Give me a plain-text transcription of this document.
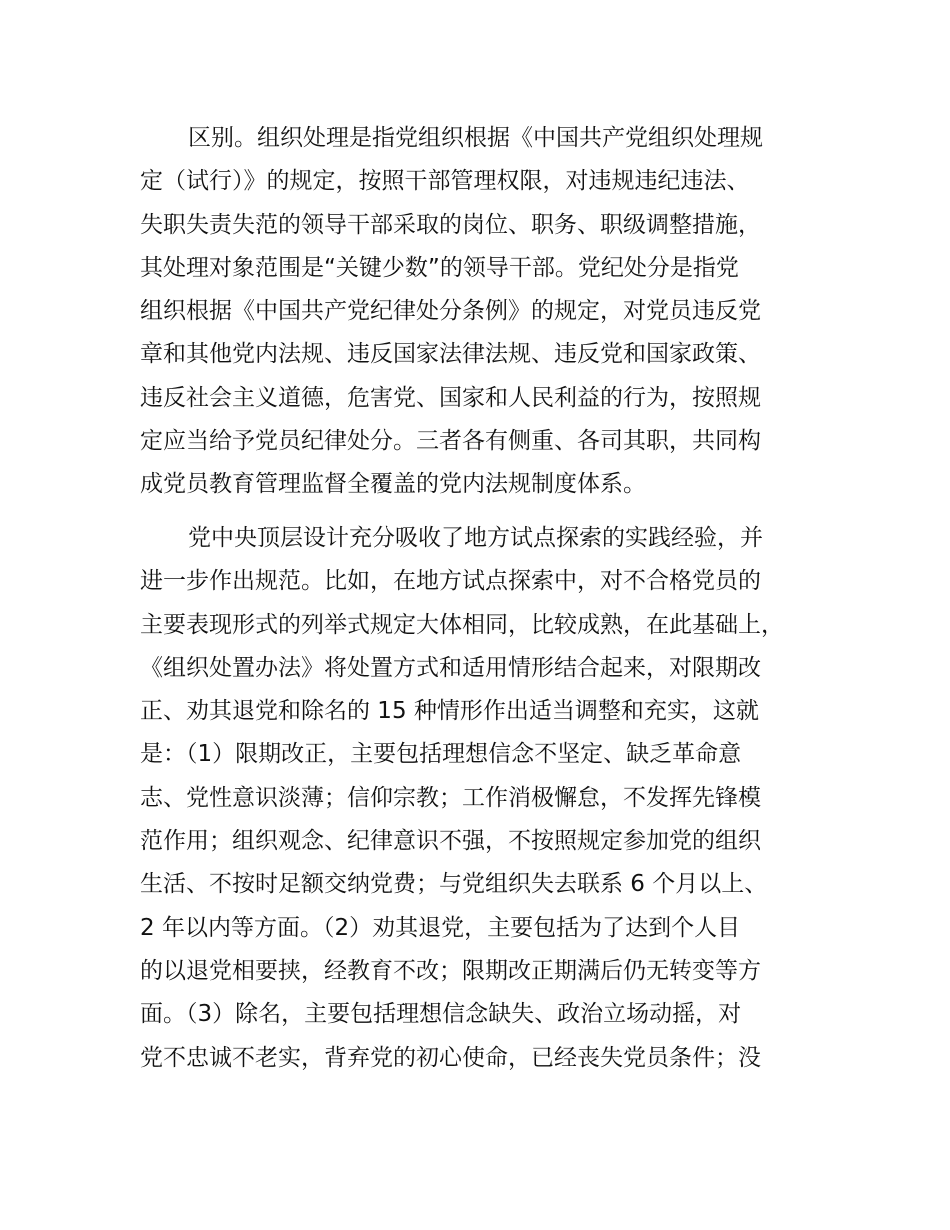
区别。组织处理是指党组织根据《中国共产党组织处理规
定（试行）》的规定，按照干部管理权限，对违规违纪违法、
失职失责失范的领导干部采取的岗位、职务、职级调整措施，
其处理对象范围是“关键少数”的领导干部。党纪处分是指党
组织根据《中国共产党纪律处分条例》的规定，对党员违反党
章和其他党内法规、违反国家法律法规、违反党和国家政策、
违反社会主义道德，危害党、国家和人民利益的行为，按照规
定应当给予党员纪律处分。三者各有侧重、各司其职，共同构
成党员教育管理监督全覆盖的党内法规制度体系。
党中央顶层设计充分吸收了地方试点探索的实践经验，并
进一步作出规范。比如，在地方试点探索中，对不合格党员的
主要表现形式的列举式规定大体相同，比较成熟，在此基础上，
《组织处置办法》将处置方式和适用情形结合起来，对限期改
正、劝其退党和除名的 15 种情形作出适当调整和充实，这就
是：（1）限期改正，主要包括理想信念不坚定、缺乏革命意
志、党性意识淡薄；信仰宗教；工作消极懈怠，不发挥先锋模
范作用；组织观念、纪律意识不强，不按照规定参加党的组织
生活、不按时足额交纳党费；与党组织失去联系 6 个月以上、
2 年以内等方面。（2）劝其退党，主要包括为了达到个人目
的以退党相要挟，经教育不改；限期改正期满后仍无转变等方
面。（3）除名，主要包括理想信念缺失、政治立场动摇，对
党不忠诚不老实，背弃党的初心使命，已经丧失党员条件；没
